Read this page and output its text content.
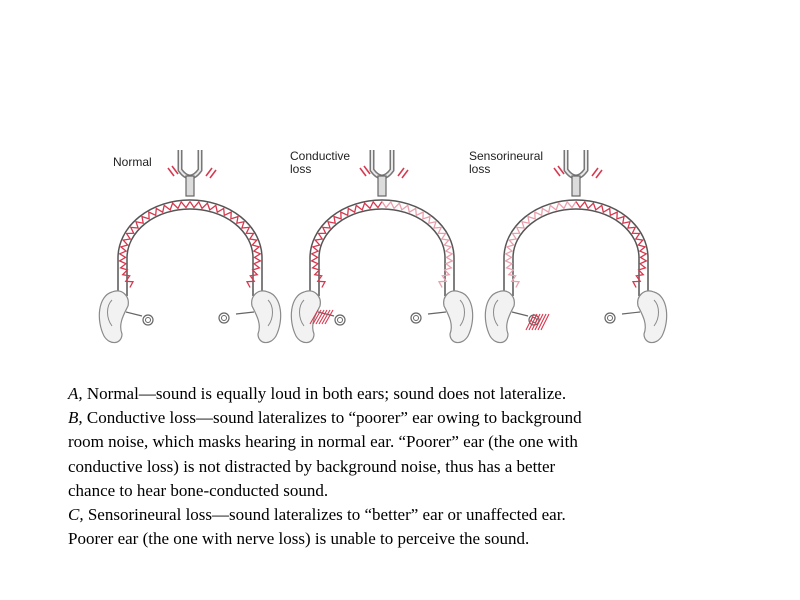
Normal	Conductive
loss
Sensorineural
loss

A, Normal—sound is equally loud in both ears; sound does not lateralize.

B, Conductive loss—sound lateralizes to “poorer” ear owing to background

room noise, which masks hearing in normal ear. “Poorer” ear (the one with

conductive loss) is not distracted by background noise, thus has a better

chance to hear bone-conducted sound.

C, Sensorineural loss—sound lateralizes to “better” ear or unaffected ear.

Poorer ear (the one with nerve loss) is unable to perceive the sound.
